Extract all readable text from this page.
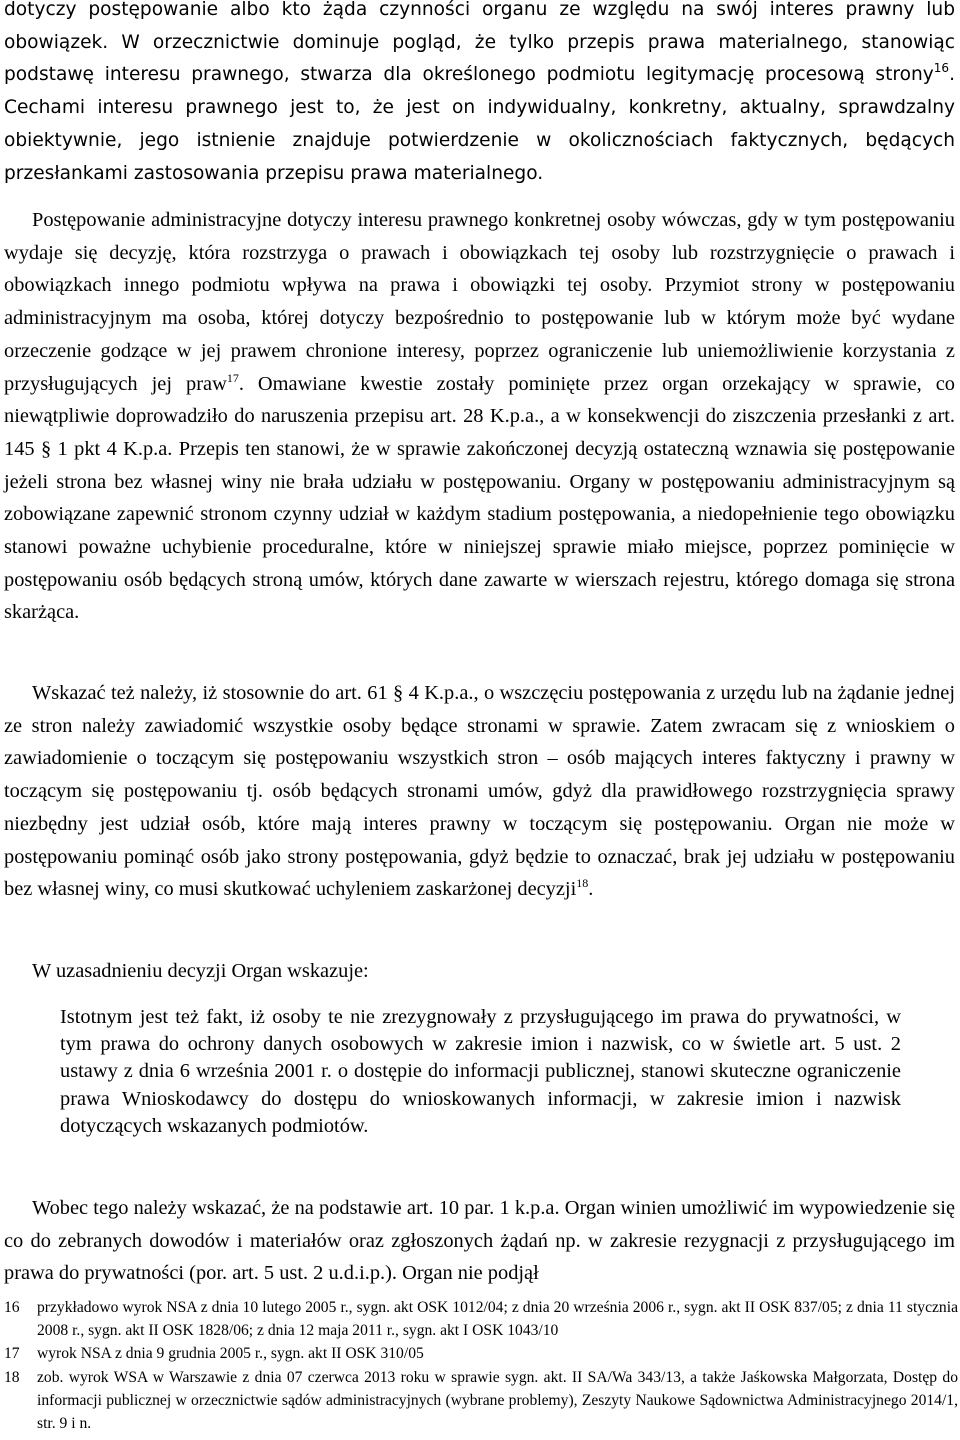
dotyczy postępowanie albo kto żąda czynności organu ze względu na swój interes prawny lub
obowiązek. W orzecznictwie dominuje pogląd, że tylko przepis prawa materialnego, stanowiąc
podstawę interesu prawnego, stwarza dla określonego podmiotu legitymację procesową strony$^{16}$.
Cechami interesu prawnego jest to, że jest on indywidualny, konkretny, aktualny, sprawdzalny
obiektywnie, jego istnienie znajduje potwierdzenie w okolicznościach faktycznych, będących
przesłankami zastosowania przepisu prawa materialnego.

Postępowanie administracyjne dotyczy interesu prawnego konkretnej osoby wówczas, gdy w tym postępowaniu wydaje się decyzję, która rozstrzyga o prawach i obowiązkach tej osoby lub rozstrzygnięcie o prawach i obowiązkach innego podmiotu wpływa na prawa i obowiązki tej osoby. Przymiot strony w postępowaniu administracyjnym ma osoba, której dotyczy bezpośrednio to postępowanie lub w którym może być wydane orzeczenie godzące w jej prawem chronione interesy, poprzez ograniczenie lub uniemożliwienie korzystania z przysługujących jej praw$^{17}$. Omawiane kwestie zostały pominięte przez organ orzekający w sprawie, co niewątpliwie doprowadziło do naruszenia przepisu art. 28 K.p.a., a w konsekwencji do ziszczenia przesłanki z art. 145 § 1 pkt 4 K.p.a. Przepis ten stanowi, że w sprawie zakończonej decyzją ostateczną wznawia się postępowanie jeżeli strona bez własnej winy nie brała udziału w postępowaniu. Organy w postępowaniu administracyjnym są zobowiązane zapewnić stronom czynny udział w każdym stadium postępowania, a niedopełnienie tego obowiązku stanowi poważne uchybienie proceduralne, które w niniejszej sprawie miało miejsce, poprzez pominięcie w postępowaniu osób będących stroną umów, których dane zawarte w wierszach rejestru, którego domaga się strona skarżąca.

Wskazać też należy, iż stosownie do art. 61 § 4 K.p.a., o wszczęciu postępowania z urzędu lub na żądanie jednej ze stron należy zawiadomić wszystkie osoby będące stronami w sprawie. Zatem zwracam się z wnioskiem o zawiadomienie o toczącym się postępowaniu wszystkich stron – osób mających interes faktyczny i prawny w toczącym się postępowaniu tj. osób będących stronami umów, gdyż dla prawidłowego rozstrzygnięcia sprawy niezbędny jest udział osób, które mają interes prawny w toczącym się postępowaniu. Organ nie może w postępowaniu pominąć osób jako strony postępowania, gdyż będzie to oznaczać, brak jej udziału w postępowaniu bez własnej winy, co musi skutkować uchyleniem zaskarżonej decyzji$^{18}$.

W uzasadnieniu decyzji Organ wskazuje:

Istotnym jest też fakt, iż osoby te nie zrezygnowały z przysługującego im prawa do prywatności, w tym prawa do ochrony danych osobowych w zakresie imion i nazwisk, co w świetle art. 5 ust. 2 ustawy z dnia 6 września 2001 r. o dostępie do informacji publicznej, stanowi skuteczne ograniczenie prawa Wnioskodawcy do dostępu do wnioskowanych informacji, w zakresie imion i nazwisk dotyczących wskazanych podmiotów.

Wobec tego należy wskazać, że na podstawie art. 10 par. 1 k.p.a. Organ winien umożliwić im wypowiedzenie się co do zebranych dowodów i materiałów oraz zgłoszonych żądań np. w zakresie rezygnacji z przysługującego im prawa do prywatności (por. art. 5 ust. 2 u.d.i.p.). Organ nie podjął

16	przykładowo wyrok NSA z dnia 10 lutego 2005 r., sygn. akt OSK 1012/04; z dnia 20 września 2006 r., sygn. akt II OSK 837/05; z dnia 11 stycznia 2008 r., sygn. akt II OSK 1828/06; z dnia 12 maja 2011 r., sygn. akt I OSK 1043/10
17	wyrok NSA z dnia 9 grudnia 2005 r., sygn. akt II OSK 310/05
18	zob. wyrok WSA w Warszawie z dnia 07 czerwca 2013 roku w sprawie sygn. akt. II SA/Wa 343/13, a także Jaśkowska Małgorzata, Dostęp do informacji publicznej w orzecznictwie sądów administracyjnych (wybrane problemy), Zeszyty Naukowe Sądownictwa Administracyjnego 2014/1, str. 9 i n.
